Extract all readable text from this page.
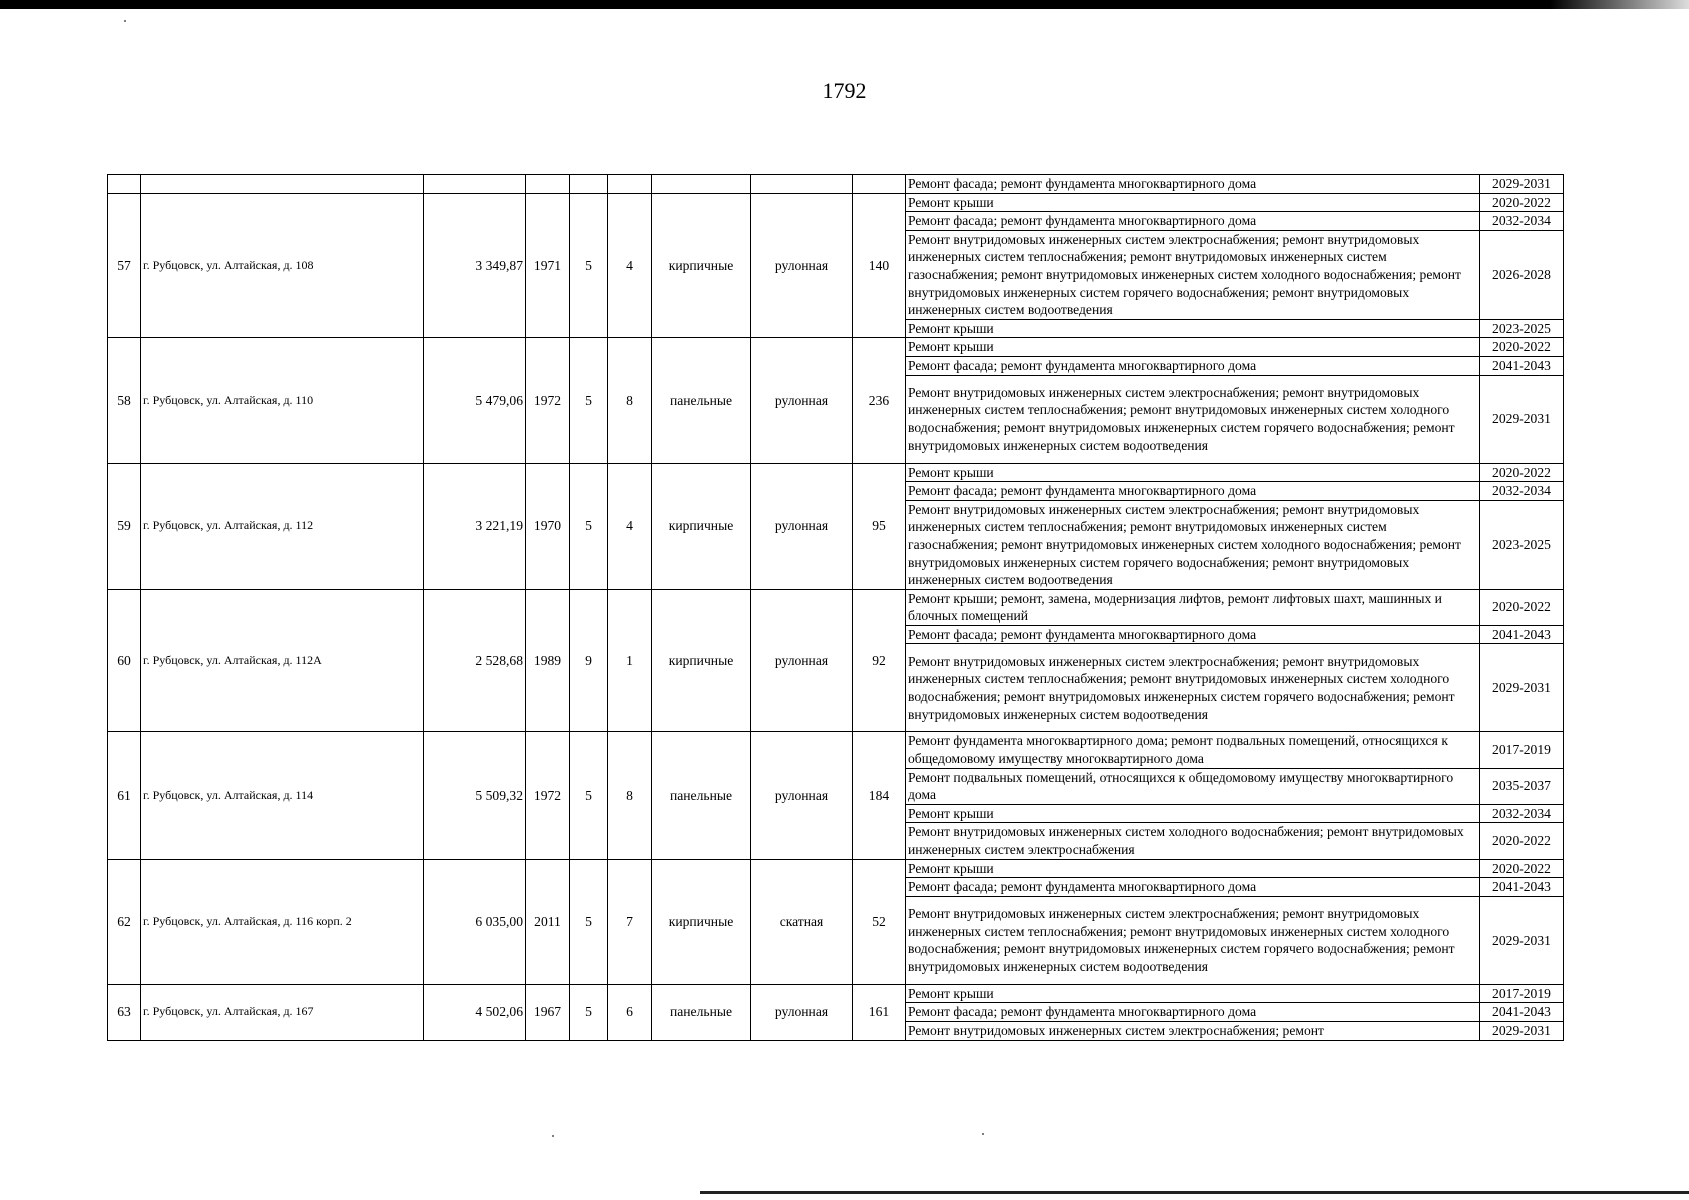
1792
									Ремонт фасада; ремонт фундамента многоквартирного дома	2029-2031
57	г. Рубцовск, ул. Алтайская, д. 108	3 349,87	1971	5	4	кирпичные	рулонная	140	Ремонт крыши	2020-2022
									Ремонт фасада; ремонт фундамента многоквартирного дома	2032-2034
									Ремонт внутридомовых инженерных систем электроснабжения; ремонт внутридомовых инженерных систем теплоснабжения; ремонт внутридомовых инженерных систем газоснабжения; ремонт внутридомовых инженерных систем холодного водоснабжения; ремонт внутридомовых инженерных систем горячего водоснабжения; ремонт внутридомовых инженерных систем водоотведения	2026-2028
									Ремонт крыши	2023-2025
58	г. Рубцовск, ул. Алтайская, д. 110	5 479,06	1972	5	8	панельные	рулонная	236	Ремонт крыши	2020-2022
									Ремонт фасада; ремонт фундамента многоквартирного дома	2041-2043
									Ремонт внутридомовых инженерных систем электроснабжения; ремонт внутридомовых инженерных систем теплоснабжения; ремонт внутридомовых инженерных систем холодного водоснабжения; ремонт внутридомовых инженерных систем горячего водоснабжения; ремонт внутридомовых инженерных систем водоотведения	2029-2031
59	г. Рубцовск, ул. Алтайская, д. 112	3 221,19	1970	5	4	кирпичные	рулонная	95	Ремонт крыши	2020-2022
									Ремонт фасада; ремонт фундамента многоквартирного дома	2032-2034
									Ремонт внутридомовых инженерных систем электроснабжения; ремонт внутридомовых инженерных систем теплоснабжения; ремонт внутридомовых инженерных систем газоснабжения; ремонт внутридомовых инженерных систем холодного водоснабжения; ремонт внутридомовых инженерных систем горячего водоснабжения; ремонт внутридомовых инженерных систем водоотведения	2023-2025
60	г. Рубцовск, ул. Алтайская, д. 112А	2 528,68	1989	9	1	кирпичные	рулонная	92	Ремонт крыши; ремонт, замена, модернизация лифтов, ремонт лифтовых шахт, машинных и блочных помещений	2020-2022
									Ремонт фасада; ремонт фундамента многоквартирного дома	2041-2043
									Ремонт внутридомовых инженерных систем электроснабжения; ремонт внутридомовых инженерных систем теплоснабжения; ремонт внутридомовых инженерных систем холодного водоснабжения; ремонт внутридомовых инженерных систем горячего водоснабжения; ремонт внутридомовых инженерных систем водоотведения	2029-2031
61	г. Рубцовск, ул. Алтайская, д. 114	5 509,32	1972	5	8	панельные	рулонная	184	Ремонт фундамента многоквартирного дома; ремонт подвальных помещений, относящихся к общедомовому имуществу многоквартирного дома	2017-2019
									Ремонт подвальных помещений, относящихся к общедомовому имуществу многоквартирного дома	2035-2037
									Ремонт крыши	2032-2034
									Ремонт внутридомовых инженерных систем холодного водоснабжения; ремонт внутридомовых инженерных систем электроснабжения	2020-2022
62	г. Рубцовск, ул. Алтайская, д. 116 корп. 2	6 035,00	2011	5	7	кирпичные	скатная	52	Ремонт крыши	2020-2022
									Ремонт фасада; ремонт фундамента многоквартирного дома	2041-2043
									Ремонт внутридомовых инженерных систем электроснабжения; ремонт внутридомовых инженерных систем теплоснабжения; ремонт внутридомовых инженерных систем холодного водоснабжения; ремонт внутридомовых инженерных систем горячего водоснабжения; ремонт внутридомовых инженерных систем водоотведения	2029-2031
63	г. Рубцовск, ул. Алтайская, д. 167	4 502,06	1967	5	6	панельные	рулонная	161	Ремонт крыши	2017-2019
									Ремонт фасада; ремонт фундамента многоквартирного дома	2041-2043
									Ремонт внутридомовых инженерных систем электроснабжения; ремонт	2029-2031
